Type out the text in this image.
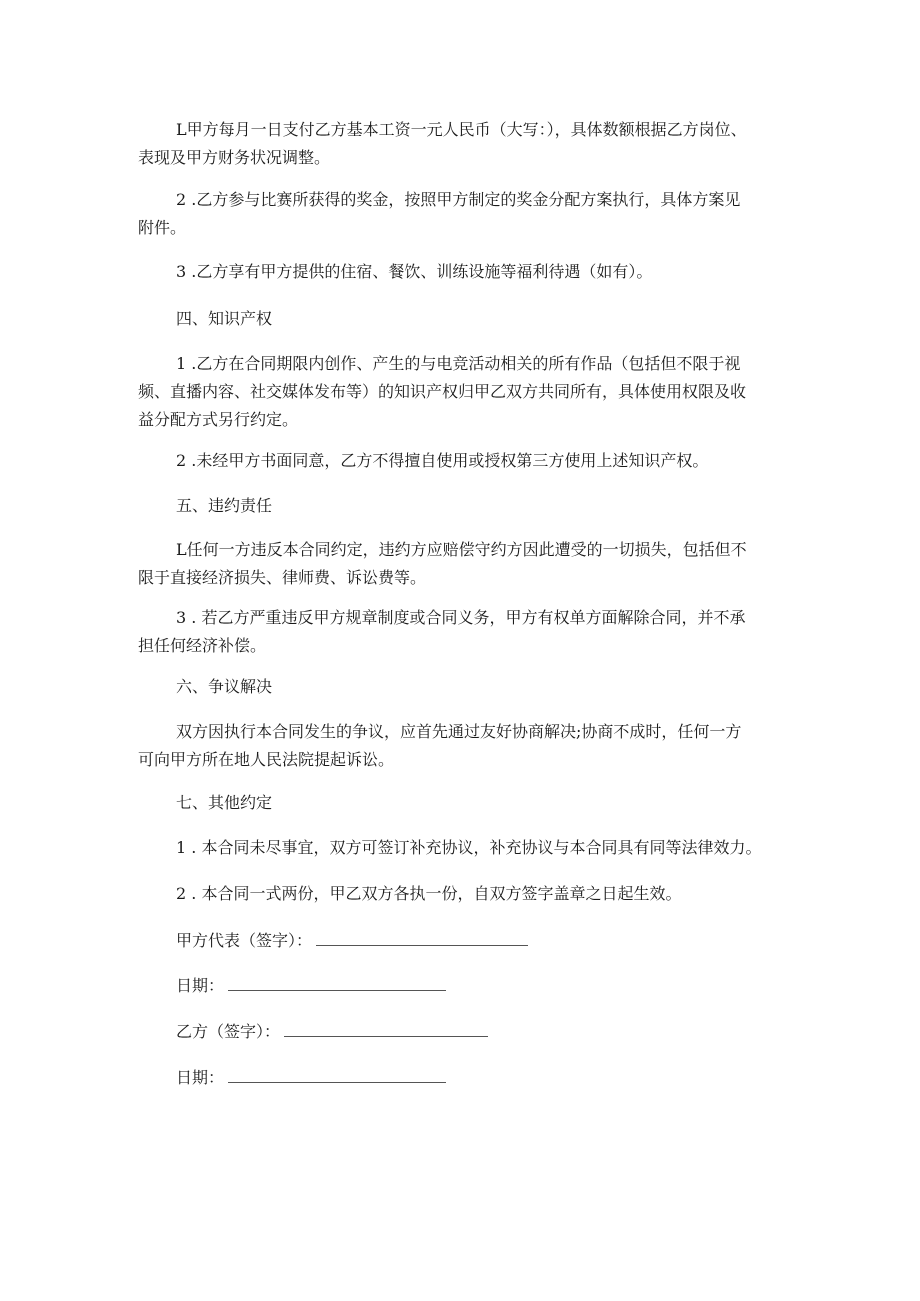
L甲方每月一日支付乙方基本工资一元人民币（大写：），具体数额根据乙方岗位、
表现及甲方财务状况调整。
2 .乙方参与比赛所获得的奖金，按照甲方制定的奖金分配方案执行，具体方案见
附件。
3 .乙方享有甲方提供的住宿、餐饮、训练设施等福利待遇（如有）。
四、知识产权
1 .乙方在合同期限内创作、产生的与电竞活动相关的所有作品（包括但不限于视
频、直播内容、社交媒体发布等）的知识产权归甲乙双方共同所有，具体使用权限及收
益分配方式另行约定。
2 .未经甲方书面同意，乙方不得擅自使用或授权第三方使用上述知识产权。
五、违约责任
L任何一方违反本合同约定，违约方应赔偿守约方因此遭受的一切损失，包括但不
限于直接经济损失、律师费、诉讼费等。
3 . 若乙方严重违反甲方规章制度或合同义务，甲方有权单方面解除合同，并不承
担任何经济补偿。
六、争议解决
双方因执行本合同发生的争议，应首先通过友好协商解决;协商不成时，任何一方
可向甲方所在地人民法院提起诉讼。
七、其他约定
1 . 本合同未尽事宜，双方可签订补充协议，补充协议与本合同具有同等法律效力。
2 . 本合同一式两份，甲乙双方各执一份，自双方签字盖章之日起生效。
甲方代表（签字）：
日期：
乙方（签字）：
日期：
